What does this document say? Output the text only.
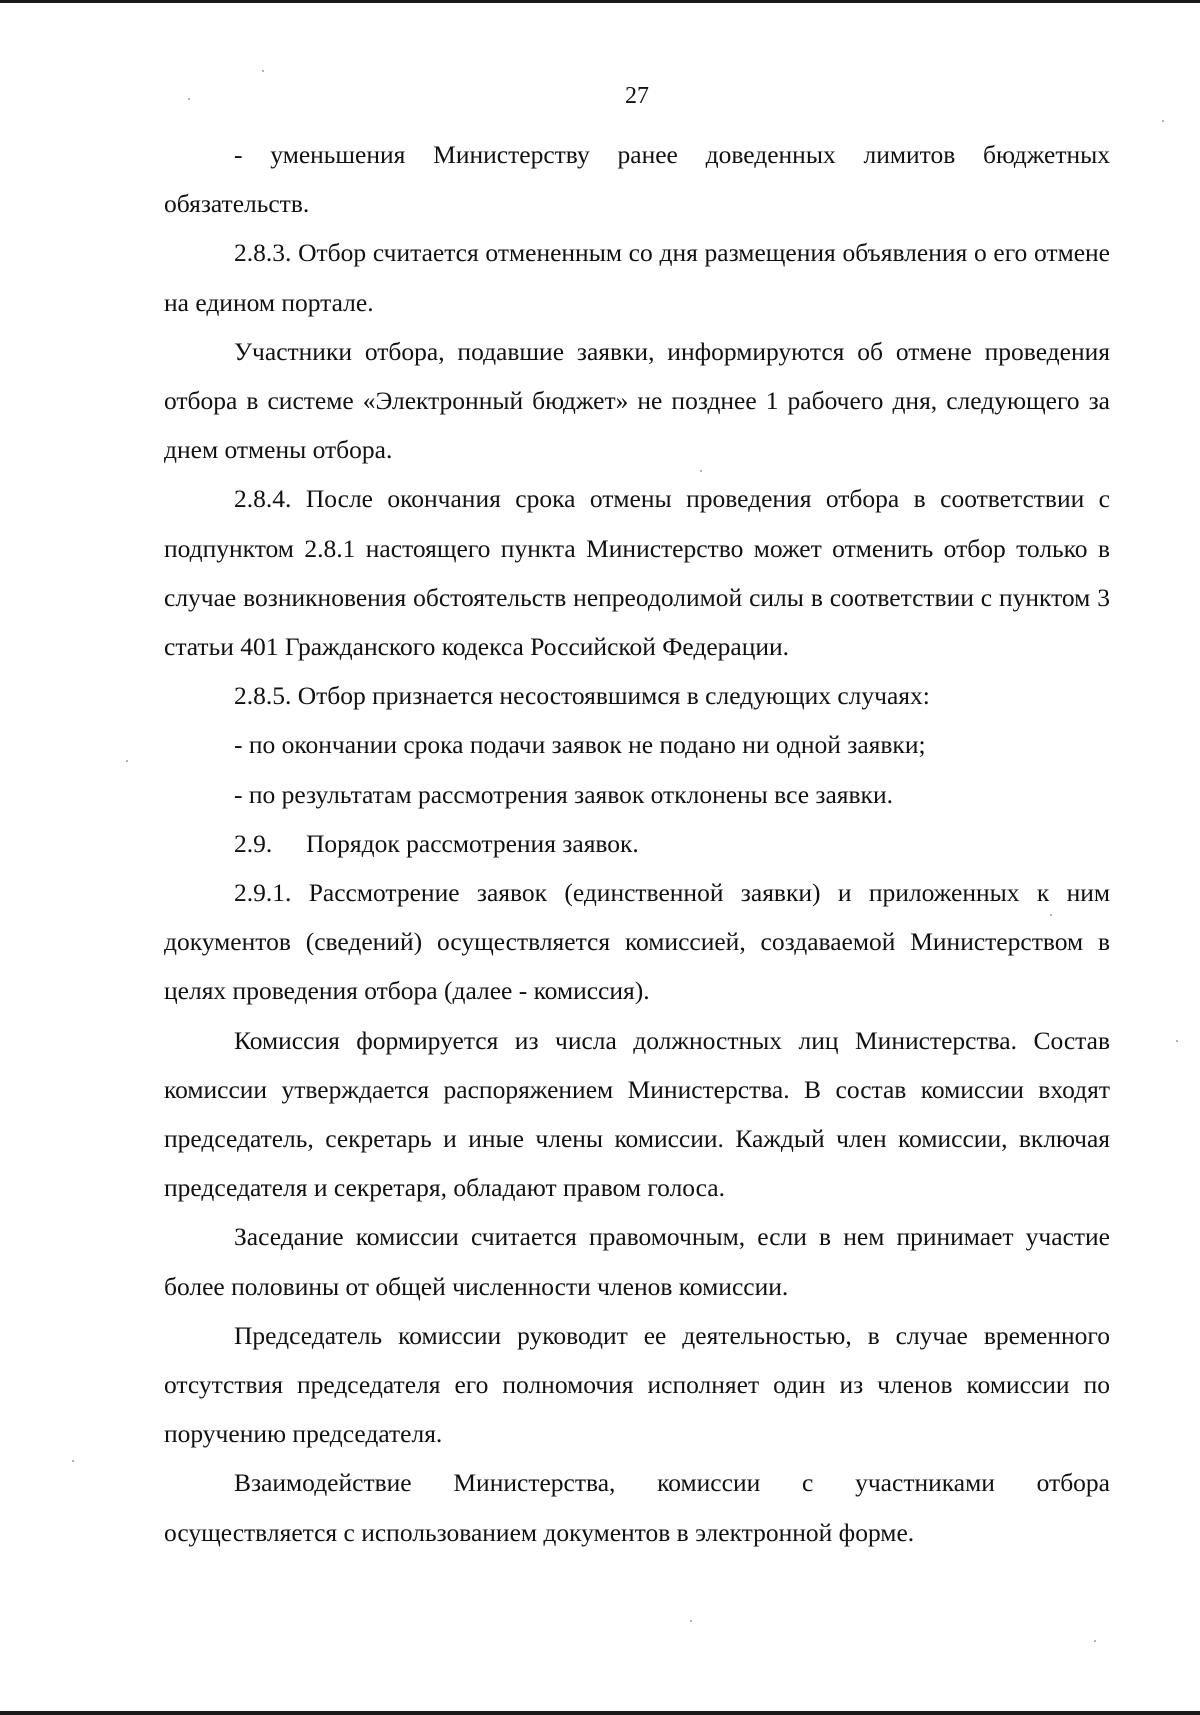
27

- уменьшения Министерству ранее доведенных лимитов бюджетных обязательств.

2.8.3. Отбор считается отмененным со дня размещения объявления о его отмене на едином портале.

Участники отбора, подавшие заявки, информируются об отмене проведения отбора в системе «Электронный бюджет» не позднее 1 рабочего дня, следующего за днем отмены отбора.

2.8.4. После окончания срока отмены проведения отбора в соответствии с подпунктом 2.8.1 настоящего пункта Министерство может отменить отбор только в случае возникновения обстоятельств непреодолимой силы в соответствии с пунктом 3 статьи 401 Гражданского кодекса Российской Федерации.

2.8.5. Отбор признается несостоявшимся в следующих случаях:

- по окончании срока подачи заявок не подано ни одной заявки;

- по результатам рассмотрения заявок отклонены все заявки.

2.9. Порядок рассмотрения заявок.

2.9.1. Рассмотрение заявок (единственной заявки) и приложенных к ним документов (сведений) осуществляется комиссией, создаваемой Министерством в целях проведения отбора (далее - комиссия).

Комиссия формируется из числа должностных лиц Министерства. Состав комиссии утверждается распоряжением Министерства. В состав комиссии входят председатель, секретарь и иные члены комиссии. Каждый член комиссии, включая председателя и секретаря, обладают правом голоса.

Заседание комиссии считается правомочным, если в нем принимает участие более половины от общей численности членов комиссии.

Председатель комиссии руководит ее деятельностью, в случае временного отсутствия председателя его полномочия исполняет один из членов комиссии по поручению председателя.

Взаимодействие Министерства, комиссии с участниками отбора осуществляется с использованием документов в электронной форме.
